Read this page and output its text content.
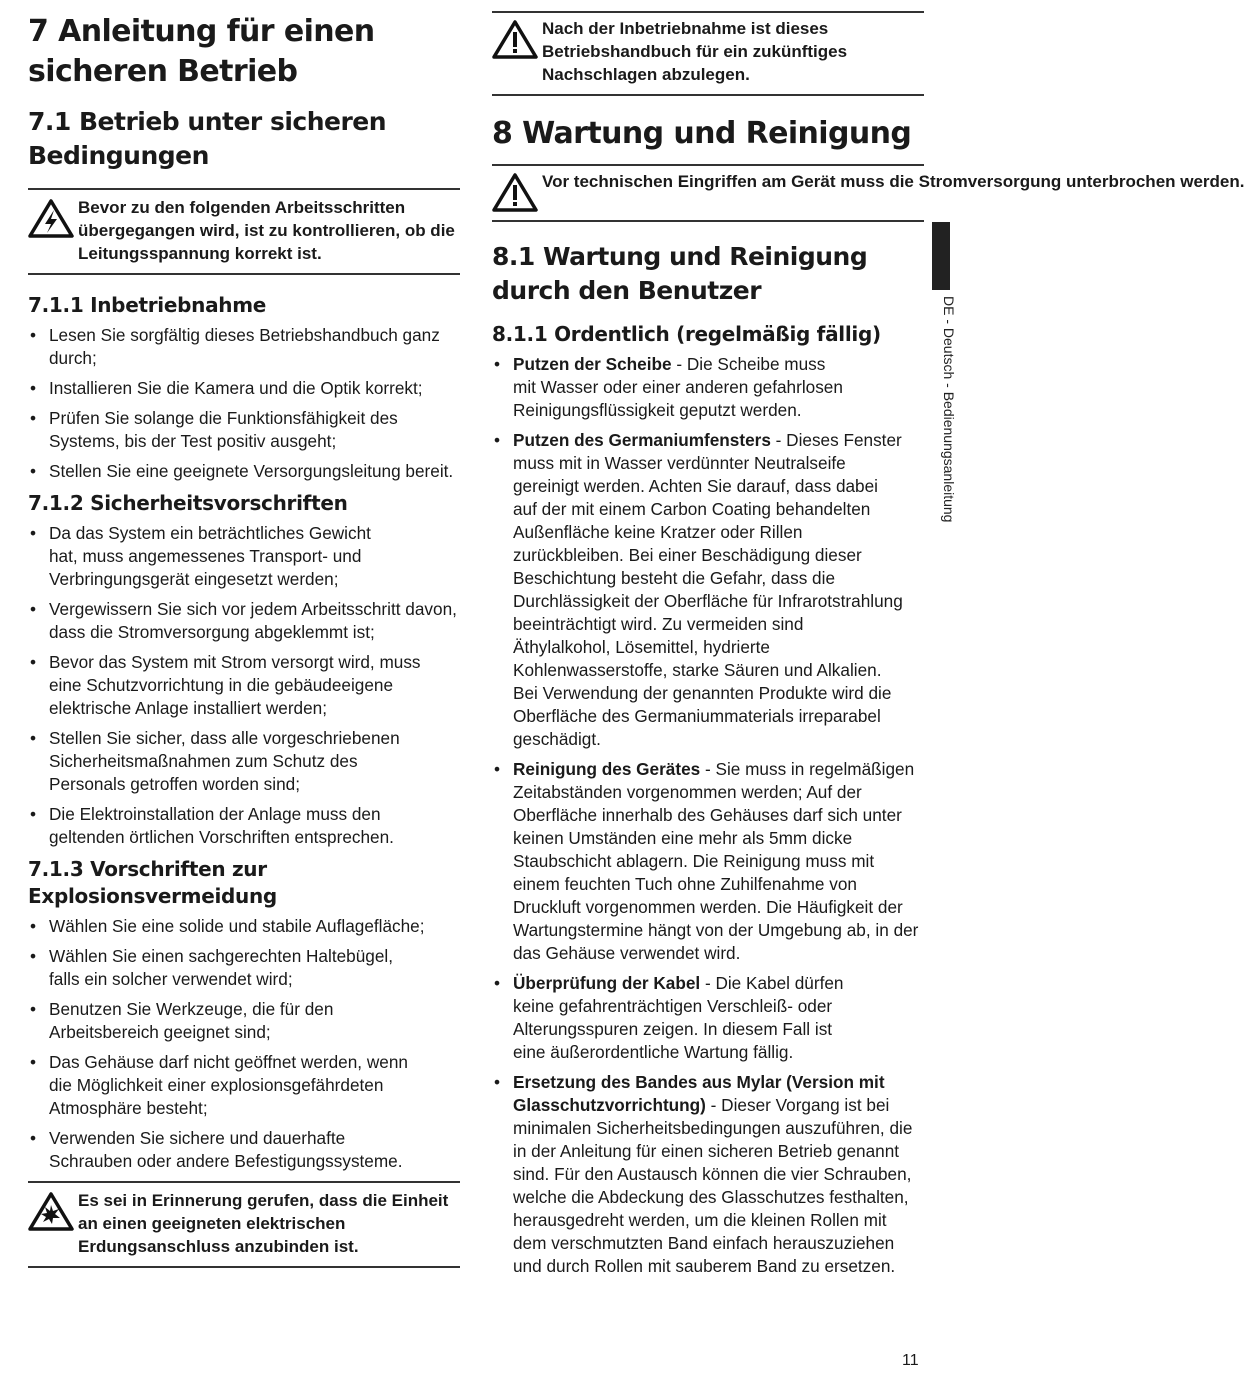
7 Anleitung für einen sicheren Betrieb
7.1 Betrieb unter sicheren Bedingungen
Bevor zu den folgenden Arbeitsschritten übergegangen wird, ist zu kontrollieren, ob die Leitungsspannung korrekt ist.
7.1.1 Inbetriebnahme
• Lesen Sie sorgfältig dieses Betriebshandbuch ganz durch;
• Installieren Sie die Kamera und die Optik korrekt;
• Prüfen Sie solange die Funktionsfähigkeit des Systems, bis der Test positiv ausgeht;
• Stellen Sie eine geeignete Versorgungsleitung bereit.
7.1.2 Sicherheitsvorschriften
• Da das System ein beträchtliches Gewicht hat, muss angemessenes Transport- und Verbringungsgerät eingesetzt werden;
• Vergewissern Sie sich vor jedem Arbeitsschritt davon, dass die Stromversorgung abgeklemmt ist;
• Bevor das System mit Strom versorgt wird, muss eine Schutzvorrichtung in die gebäudeeigene elektrische Anlage installiert werden;
• Stellen Sie sicher, dass alle vorgeschriebenen Sicherheitsmaßnahmen zum Schutz des Personals getroffen worden sind;
• Die Elektroinstallation der Anlage muss den geltenden örtlichen Vorschriften entsprechen.
7.1.3 Vorschriften zur Explosionsvermeidung
• Wählen Sie eine solide und stabile Auflagefläche;
• Wählen Sie einen sachgerechten Haltebügel, falls ein solcher verwendet wird;
• Benutzen Sie Werkzeuge, die für den Arbeitsbereich geeignet sind;
• Das Gehäuse darf nicht geöffnet werden, wenn die Möglichkeit einer explosionsgefährdeten Atmosphäre besteht;
• Verwenden Sie sichere und dauerhafte Schrauben oder andere Befestigungssysteme.
Es sei in Erinnerung gerufen, dass die Einheit an einen geeigneten elektrischen Erdungsanschluss anzubinden ist.
Nach der Inbetriebnahme ist dieses Betriebshandbuch für ein zukünftiges Nachschlagen abzulegen.
8 Wartung und Reinigung
Vor technischen Eingriffen am Gerät muss die Stromversorgung unterbrochen werden.
8.1 Wartung und Reinigung durch den Benutzer
8.1.1 Ordentlich (regelmäßig fällig)
• Putzen der Scheibe - Die Scheibe muss mit Wasser oder einer anderen gefahrlosen Reinigungsflüssigkeit geputzt werden.
• Putzen des Germaniumfensters - Dieses Fenster muss mit in Wasser verdünnter Neutralseife gereinigt werden. Achten Sie darauf, dass dabei auf der mit einem Carbon Coating behandelten Außenfläche keine Kratzer oder Rillen zurückbleiben. Bei einer Beschädigung dieser Beschichtung besteht die Gefahr, dass die Durchlässigkeit der Oberfläche für Infrarotstrahlung beeinträchtigt wird. Zu vermeiden sind Äthylalkohol, Lösemittel, hydrierte Kohlenwasserstoffe, starke Säuren und Alkalien. Bei Verwendung der genannten Produkte wird die Oberfläche des Germaniummaterials irreparabel geschädigt.
• Reinigung des Gerätes - Sie muss in regelmäßigen Zeitabständen vorgenommen werden; Auf der Oberfläche innerhalb des Gehäuses darf sich unter keinen Umständen eine mehr als 5mm dicke Staubschicht ablagern. Die Reinigung muss mit einem feuchten Tuch ohne Zuhilfenahme von Druckluft vorgenommen werden. Die Häufigkeit der Wartungstermine hängt von der Umgebung ab, in der das Gehäuse verwendet wird.
• Überprüfung der Kabel - Die Kabel dürfen keine gefahrenträchtigen Verschleiß- oder Alterungsspuren zeigen. In diesem Fall ist eine äußerordentliche Wartung fällig.
• Ersetzung des Bandes aus Mylar (Version mit Glasschutzvorrichtung) - Dieser Vorgang ist bei minimalen Sicherheitsbedingungen auszuführen, die in der Anleitung für einen sicheren Betrieb genannt sind. Für den Austausch können die vier Schrauben, welche die Abdeckung des Glasschutzes festhalten, herausgedreht werden, um die kleinen Rollen mit dem verschmutzten Band einfach herauszuziehen und durch Rollen mit sauberem Band zu ersetzen.
DE - Deutsch - Bedienungsanleitung
11
